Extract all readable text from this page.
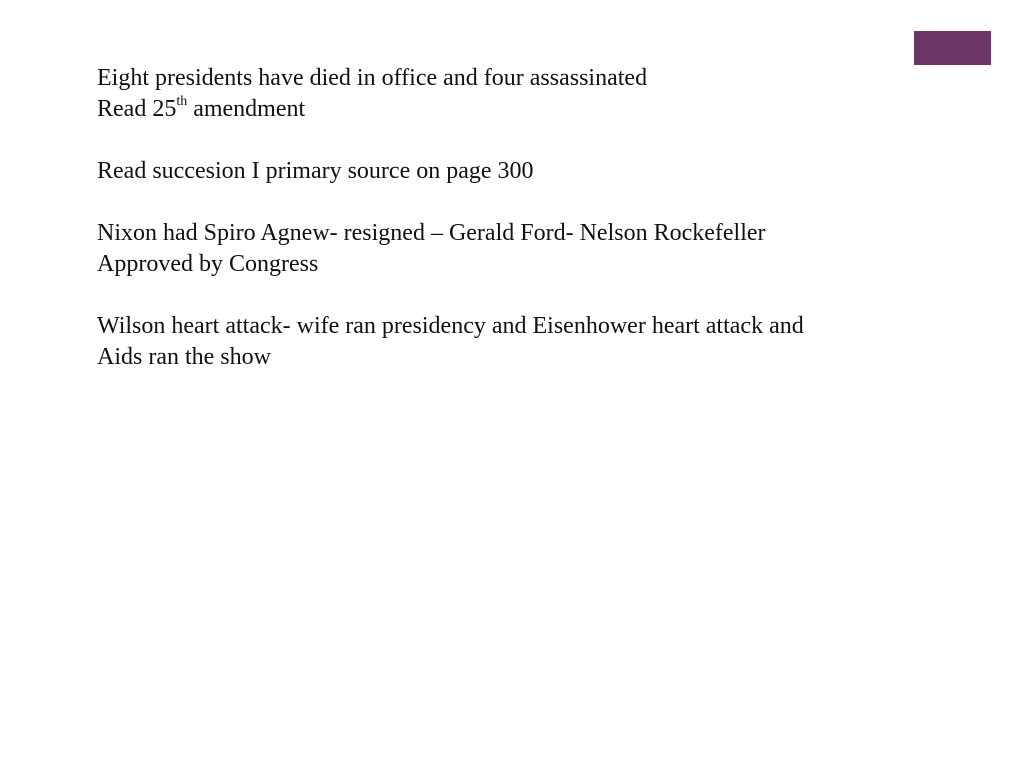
Eight presidents have died in office and four assassinated
Read 25th amendment
Read succesion I primary source on page 300
Nixon had Spiro Agnew- resigned – Gerald Ford- Nelson Rockefeller
Approved by Congress
Wilson heart attack- wife ran presidency and Eisenhower heart attack and
Aids ran the show
